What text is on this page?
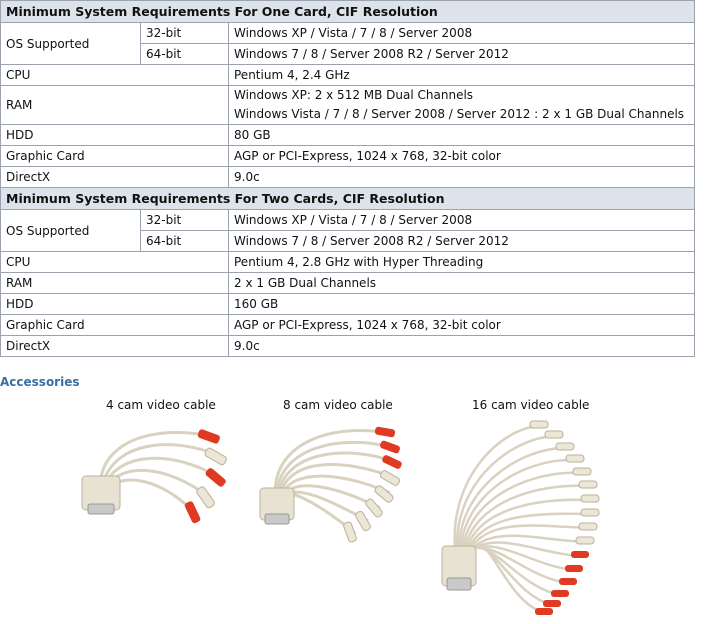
Minimum System Requirements For One Card, CIF Resolution		
OS Supported	32-bit	Windows XP / Vista / 7 / 8 / Server 2008
	64-bit	Windows 7 / 8 / Server 2008 R2 / Server 2012
CPU		Pentium 4, 2.4 GHz
RAM		Windows XP: 2 x 512 MB Dual Channels
Windows Vista / 7 / 8 / Server 2008 / Server 2012 : 2 x 1 GB Dual Channels

HDD		80 GB
Graphic Card		AGP or PCI-Express, 1024 x 768, 32-bit color
DirectX		9.0c
Minimum System Requirements For Two Cards, CIF Resolution		
OS Supported	32-bit	Windows XP / Vista / 7 / 8 / Server 2008
	64-bit	Windows 7 / 8 / Server 2008 R2 / Server 2012
CPU		Pentium 4, 2.8 GHz with Hyper Threading
RAM		2 x 1 GB Dual Channels
HDD		160 GB
Graphic Card		AGP or PCI-Express, 1024 x 768, 32-bit color
DirectX		9.0c
Accessories
4 cam video cable	8 cam video cable	16 cam video cable
